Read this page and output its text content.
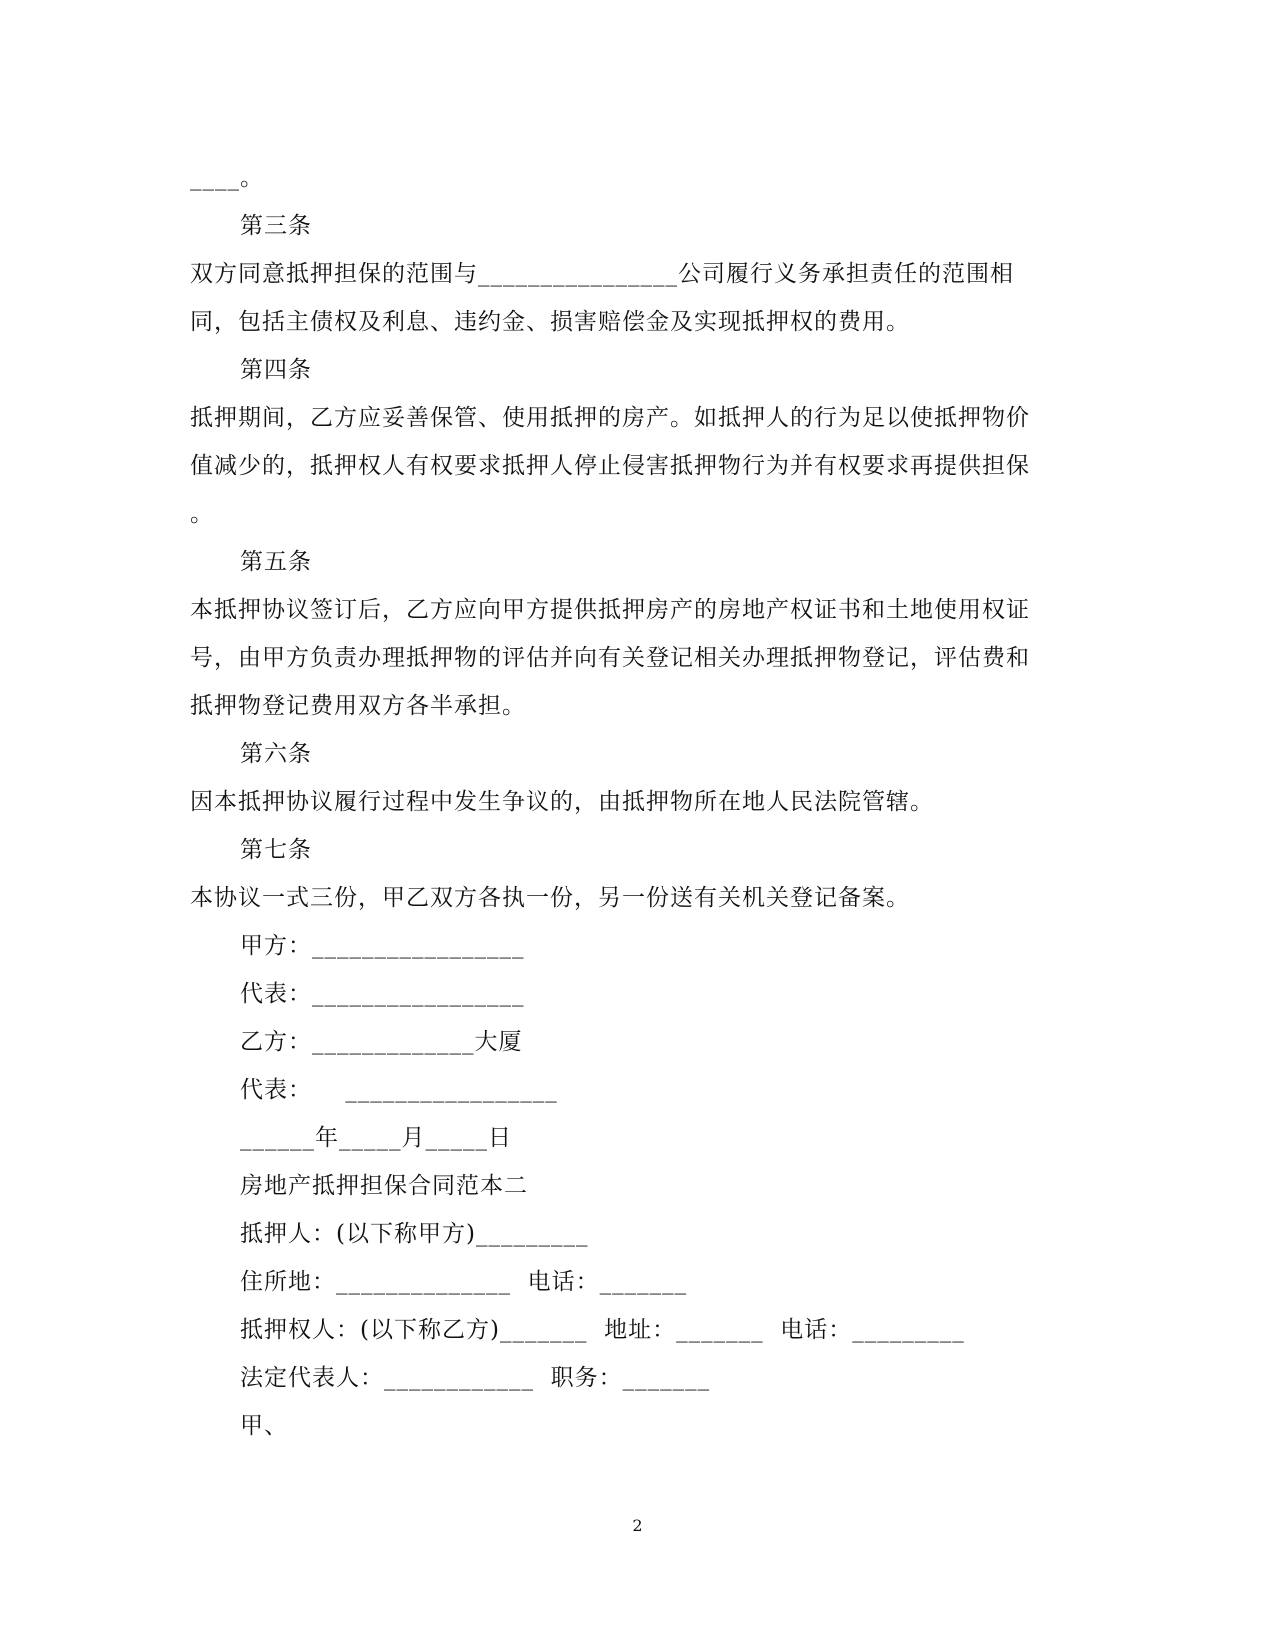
____。
第三条
双方同意抵押担保的范围与________________公司履行义务承担责任的范围相
同，包括主债权及利息、违约金、损害赔偿金及实现抵押权的费用。
第四条
抵押期间，乙方应妥善保管、使用抵押的房产。如抵押人的行为足以使抵押物价
值减少的，抵押权人有权要求抵押人停止侵害抵押物行为并有权要求再提供担保
。
第五条
本抵押协议签订后，乙方应向甲方提供抵押房产的房地产权证书和土地使用权证
号，由甲方负责办理抵押物的评估并向有关登记相关办理抵押物登记，评估费和
抵押物登记费用双方各半承担。
第六条
因本抵押协议履行过程中发生争议的，由抵押物所在地人民法院管辖。
第七条
本协议一式三份，甲乙双方各执一份，另一份送有关机关登记备案。
甲方：_________________
代表：_________________
乙方：_____________大厦
代表：    _________________
______年_____月_____日
房地产抵押担保合同范本二
抵押人：(以下称甲方)_________
住所地：______________  电话：_______
抵押权人：(以下称乙方)_______  地址：_______  电话：_________
法定代表人：____________  职务：_______
甲、
2
